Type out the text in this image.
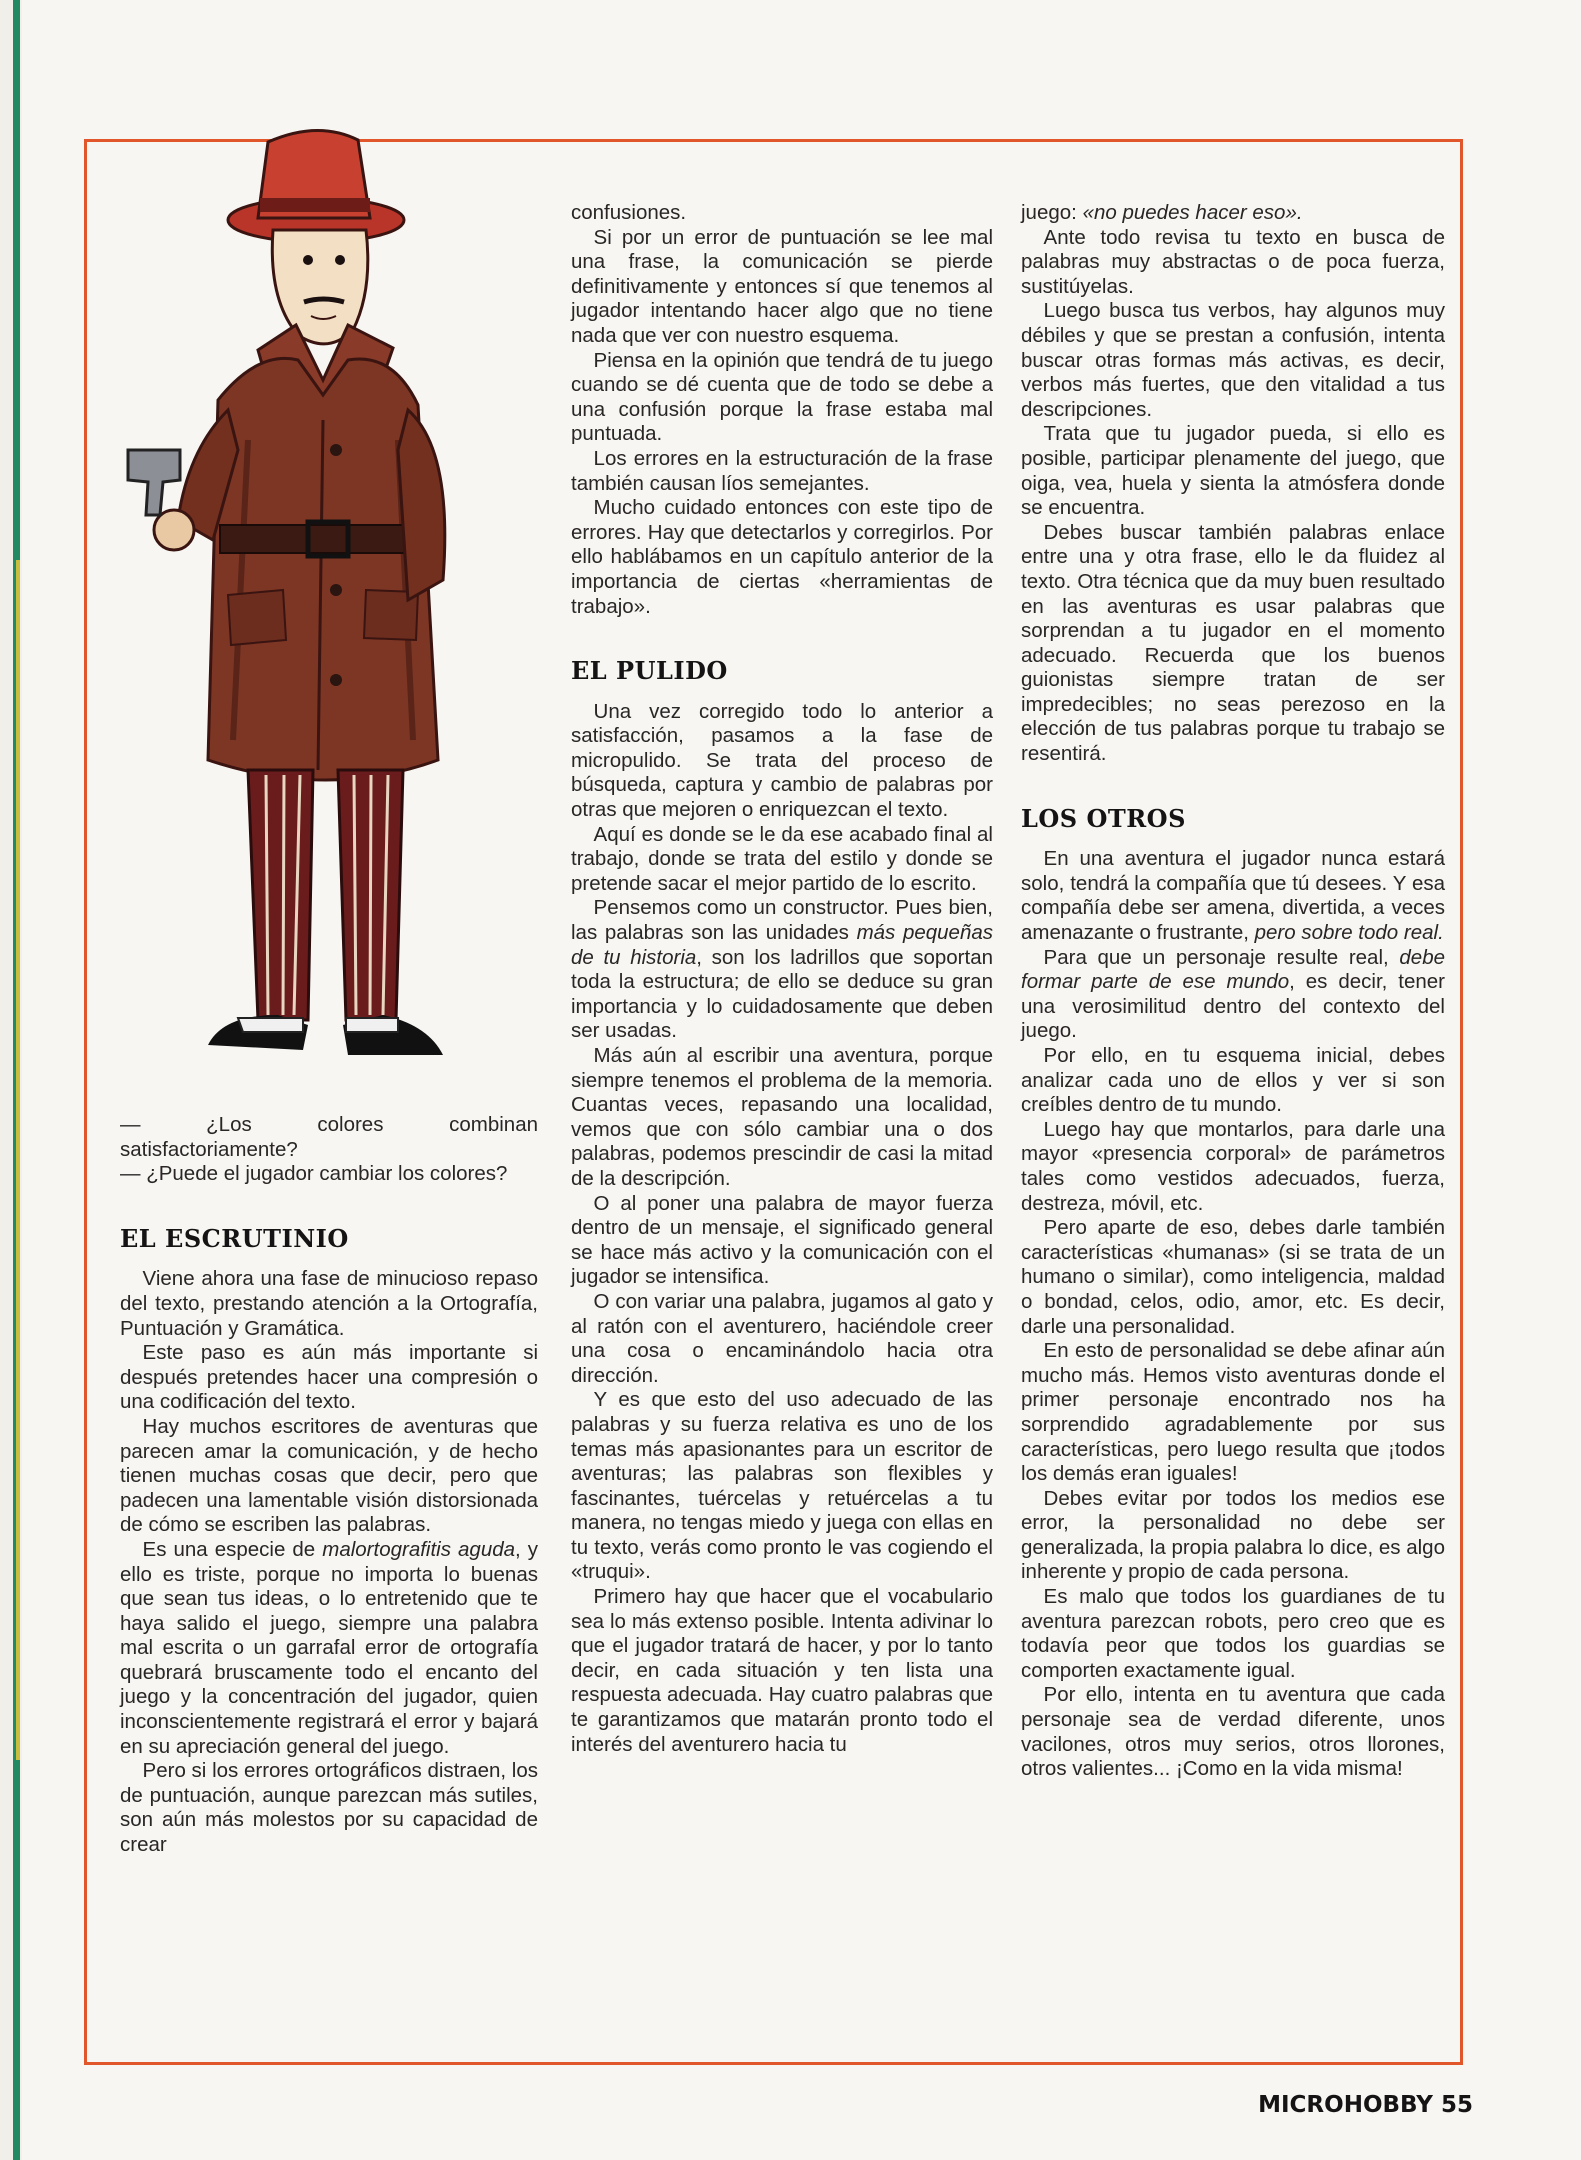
— ¿Los colores combinan satisfactoriamente?

— ¿Puede el jugador cambiar los colores?

EL ESCRUTINIO

Viene ahora una fase de minucioso repaso del texto, prestando atención a la Ortografía, Puntuación y Gramática.

Este paso es aún más importante si después pretendes hacer una compresión o una codificación del texto.

Hay muchos escritores de aventuras que parecen amar la comunicación, y de hecho tienen muchas cosas que decir, pero que padecen una lamentable visión distorsionada de cómo se escriben las palabras.

Es una especie de malortografitis aguda, y ello es triste, porque no importa lo buenas que sean tus ideas, o lo entretenido que te haya salido el juego, siempre una palabra mal escrita o un garrafal error de ortografía quebrará bruscamente todo el encanto del juego y la concentración del jugador, quien inconscientemente registrará el error y bajará en su apreciación general del juego.

Pero si los errores ortográficos distraen, los de puntuación, aunque parezcan más sutiles, son aún más molestos por su capacidad de crear

confusiones.

Si por un error de puntuación se lee mal una frase, la comunicación se pierde definitivamente y entonces sí que tenemos al jugador intentando hacer algo que no tiene nada que ver con nuestro esquema.

Piensa en la opinión que tendrá de tu juego cuando se dé cuenta que de todo se debe a una confusión porque la frase estaba mal puntuada.

Los errores en la estructuración de la frase también causan líos semejantes.

Mucho cuidado entonces con este tipo de errores. Hay que detectarlos y corregirlos. Por ello hablábamos en un capítulo anterior de la importancia de ciertas «herramientas de trabajo».

EL PULIDO

Una vez corregido todo lo anterior a satisfacción, pasamos a la fase de micropulido. Se trata del proceso de búsqueda, captura y cambio de palabras por otras que mejoren o enriquezcan el texto.

Aquí es donde se le da ese acabado final al trabajo, donde se trata del estilo y donde se pretende sacar el mejor partido de lo escrito.

Pensemos como un constructor. Pues bien, las palabras son las unidades más pequeñas de tu historia, son los ladrillos que soportan toda la estructura; de ello se deduce su gran importancia y lo cuidadosamente que deben ser usadas.

Más aún al escribir una aventura, porque siempre tenemos el problema de la memoria. Cuantas veces, repasando una localidad, vemos que con sólo cambiar una o dos palabras, podemos prescindir de casi la mitad de la descripción.

O al poner una palabra de mayor fuerza dentro de un mensaje, el significado general se hace más activo y la comunicación con el jugador se intensifica.

O con variar una palabra, jugamos al gato y al ratón con el aventurero, haciéndole creer una cosa o encaminándolo hacia otra dirección.

Y es que esto del uso adecuado de las palabras y su fuerza relativa es uno de los temas más apasionantes para un escritor de aventuras; las palabras son flexibles y fascinantes, tuércelas y retuércelas a tu manera, no tengas miedo y juega con ellas en tu texto, verás como pronto le vas cogiendo el «truqui».

Primero hay que hacer que el vocabulario sea lo más extenso posible. Intenta adivinar lo que el jugador tratará de hacer, y por lo tanto decir, en cada situación y ten lista una respuesta adecuada. Hay cuatro palabras que te garantizamos que matarán pronto todo el interés del aventurero hacia tu

juego: «no puedes hacer eso».

Ante todo revisa tu texto en busca de palabras muy abstractas o de poca fuerza, sustitúyelas.

Luego busca tus verbos, hay algunos muy débiles y que se prestan a confusión, intenta buscar otras formas más activas, es decir, verbos más fuertes, que den vitalidad a tus descripciones.

Trata que tu jugador pueda, si ello es posible, participar plenamente del juego, que oiga, vea, huela y sienta la atmósfera donde se encuentra.

Debes buscar también palabras enlace entre una y otra frase, ello le da fluidez al texto. Otra técnica que da muy buen resultado en las aventuras es usar palabras que sorprendan a tu jugador en el momento adecuado. Recuerda que los buenos guionistas siempre tratan de ser impredecibles; no seas perezoso en la elección de tus palabras porque tu trabajo se resentirá.

LOS OTROS

En una aventura el jugador nunca estará solo, tendrá la compañía que tú desees. Y esa compañía debe ser amena, divertida, a veces amenazante o frustrante, pero sobre todo real.

Para que un personaje resulte real, debe formar parte de ese mundo, es decir, tener una verosimilitud dentro del contexto del juego.

Por ello, en tu esquema inicial, debes analizar cada uno de ellos y ver si son creíbles dentro de tu mundo.

Luego hay que montarlos, para darle una mayor «presencia corporal» de parámetros tales como vestidos adecuados, fuerza, destreza, móvil, etc.

Pero aparte de eso, debes darle también características «humanas» (si se trata de un humano o similar), como inteligencia, maldad o bondad, celos, odio, amor, etc. Es decir, darle una personalidad.

En esto de personalidad se debe afinar aún mucho más. Hemos visto aventuras donde el primer personaje encontrado nos ha sorprendido agradablemente por sus características, pero luego resulta que ¡todos los demás eran iguales!

Debes evitar por todos los medios ese error, la personalidad no debe ser generalizada, la propia palabra lo dice, es algo inherente y propio de cada persona.

Es malo que todos los guardianes de tu aventura parezcan robots, pero creo que es todavía peor que todos los guardias se comporten exactamente igual.

Por ello, intenta en tu aventura que cada personaje sea de verdad diferente, unos vacilones, otros muy serios, otros llorones, otros valientes... ¡Como en la vida misma!

MICROHOBBY 55
